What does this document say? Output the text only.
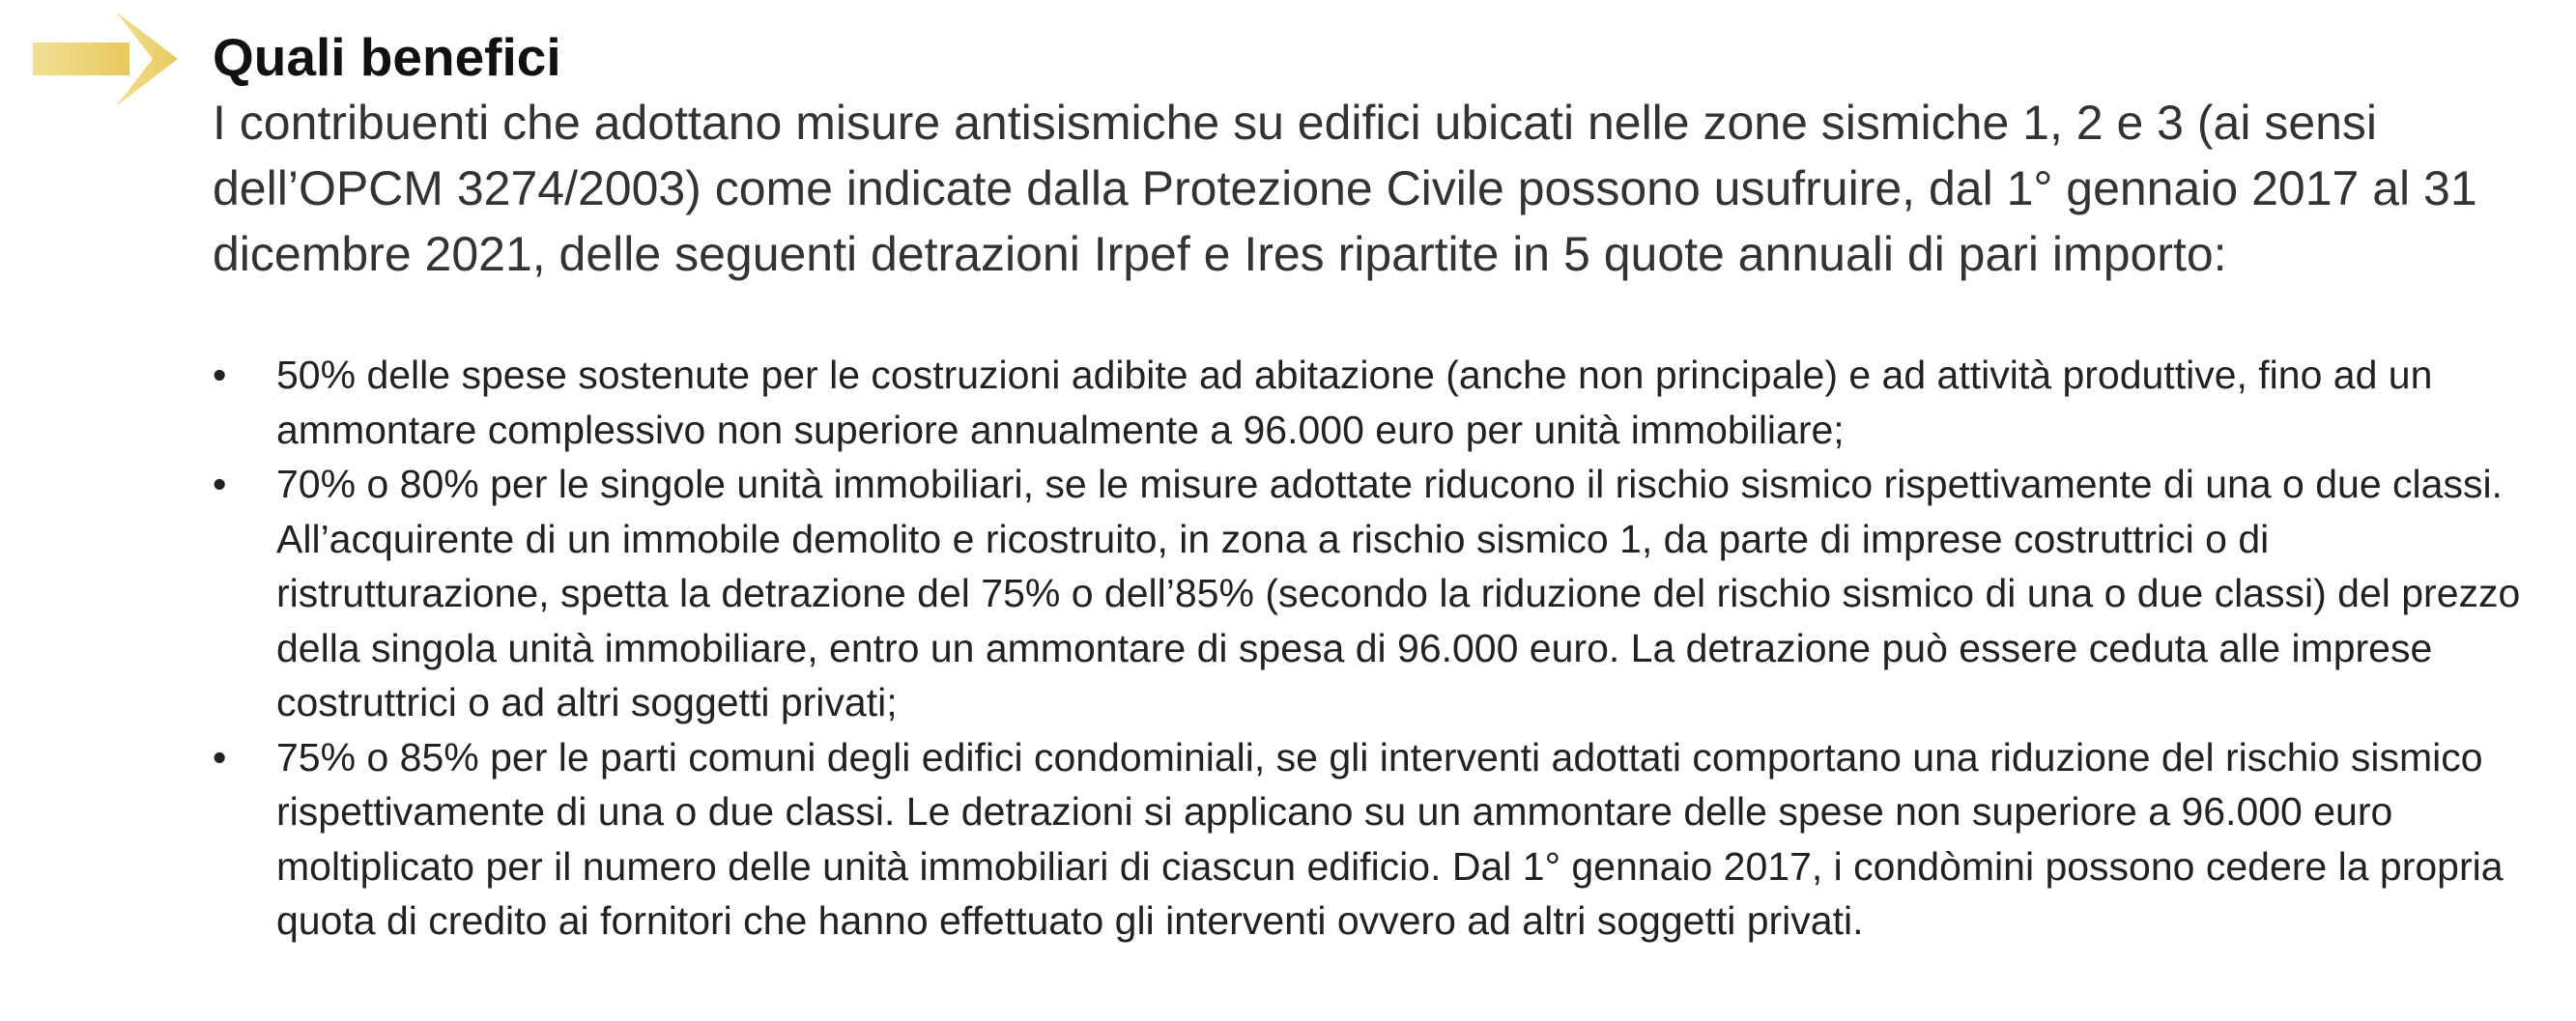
Quali benefici

I contribuenti che adottano misure antisismiche su edifici ubicati nelle zone sismiche 1, 2 e 3 (ai sensi dell’OPCM 3274/2003) come indicate dalla Protezione Civile possono usufruire, dal 1° gennaio 2017 al 31 dicembre 2021, delle seguenti detrazioni Irpef e Ires ripartite in 5 quote annuali di pari importo:

• 50% delle spese sostenute per le costruzioni adibite ad abitazione (anche non principale) e ad attività produttive, fino ad un ammontare complessivo non superiore annualmente a 96.000 euro per unità immobiliare;
• 70% o 80% per le singole unità immobiliari, se le misure adottate riducono il rischio sismico rispettivamente di una o due classi. All’acquirente di un immobile demolito e ricostruito, in zona a rischio sismico 1, da parte di imprese costruttrici o di ristrutturazione, spetta la detrazione del 75% o dell’85% (secondo la riduzione del rischio sismico di una o due classi) del prezzo della singola unità immobiliare, entro un ammontare di spesa di 96.000 euro. La detrazione può essere ceduta alle imprese costruttrici o ad altri soggetti privati;
• 75% o 85% per le parti comuni degli edifici condominiali, se gli interventi adottati comportano una riduzione del rischio sismico rispettivamente di una o due classi. Le detrazioni si applicano su un ammontare delle spese non superiore a 96.000 euro moltiplicato per il numero delle unità immobiliari di ciascun edificio. Dal 1° gennaio 2017, i condòmini possono cedere la propria quota di credito ai fornitori che hanno effettuato gli interventi ovvero ad altri soggetti privati.
